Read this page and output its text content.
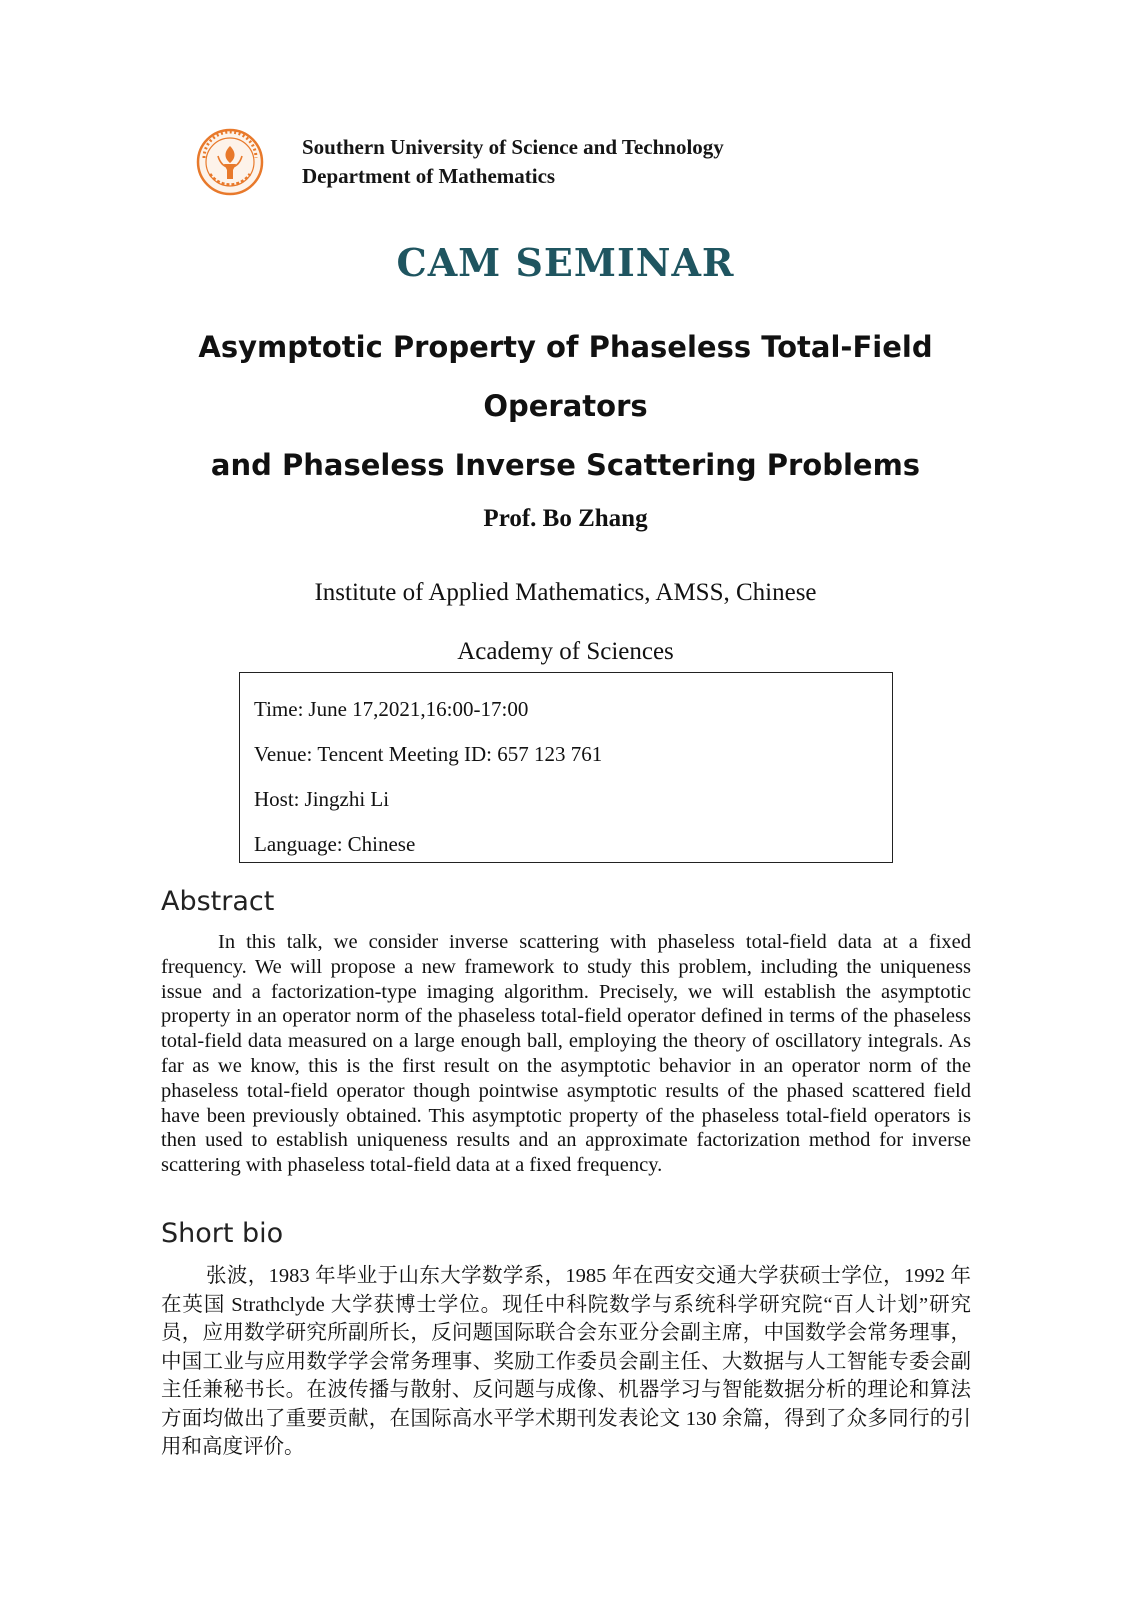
Southern University of Science and Technology
Department of Mathematics
CAM SEMINAR
Asymptotic Property of Phaseless Total-Field
Operators
and Phaseless Inverse Scattering Problems
Prof. Bo Zhang
Institute of Applied Mathematics, AMSS, Chinese
Academy of Sciences
Time: June 17,2021,16:00-17:00
Venue: Tencent Meeting ID: 657 123 761
Host: Jingzhi Li
Language: Chinese
Abstract
In this talk, we consider inverse scattering with phaseless total-field data at a fixed frequency. We will propose a new framework to study this problem, including the uniqueness issue and a factorization-type imaging algorithm. Precisely, we will establish the asymptotic property in an operator norm of the phaseless total-field operator defined in terms of the phaseless total-field data measured on a large enough ball, employing the theory of oscillatory integrals. As far as we know, this is the first result on the asymptotic behavior in an operator norm of the phaseless total-field operator though pointwise asymptotic results of the phased scattered field have been previously obtained. This asymptotic property of the phaseless total-field operators is then used to establish uniqueness results and an approximate factorization method for inverse scattering with phaseless total-field data at a fixed frequency.
Short bio
张波，1983 年毕业于山东大学数学系，1985 年在西安交通大学获硕士学位，1992 年在英国 Strathclyde 大学获博士学位。现任中科院数学与系统科学研究院“百人计划”研究员，应用数学研究所副所长，反问题国际联合会东亚分会副主席，中国数学会常务理事，中国工业与应用数学学会常务理事、奖励工作委员会副主任、大数据与人工智能专委会副主任兼秘书长。在波传播与散射、反问题与成像、机器学习与智能数据分析的理论和算法方面均做出了重要贡献，在国际高水平学术期刊发表论文 130 余篇，得到了众多同行的引用和高度评价。
